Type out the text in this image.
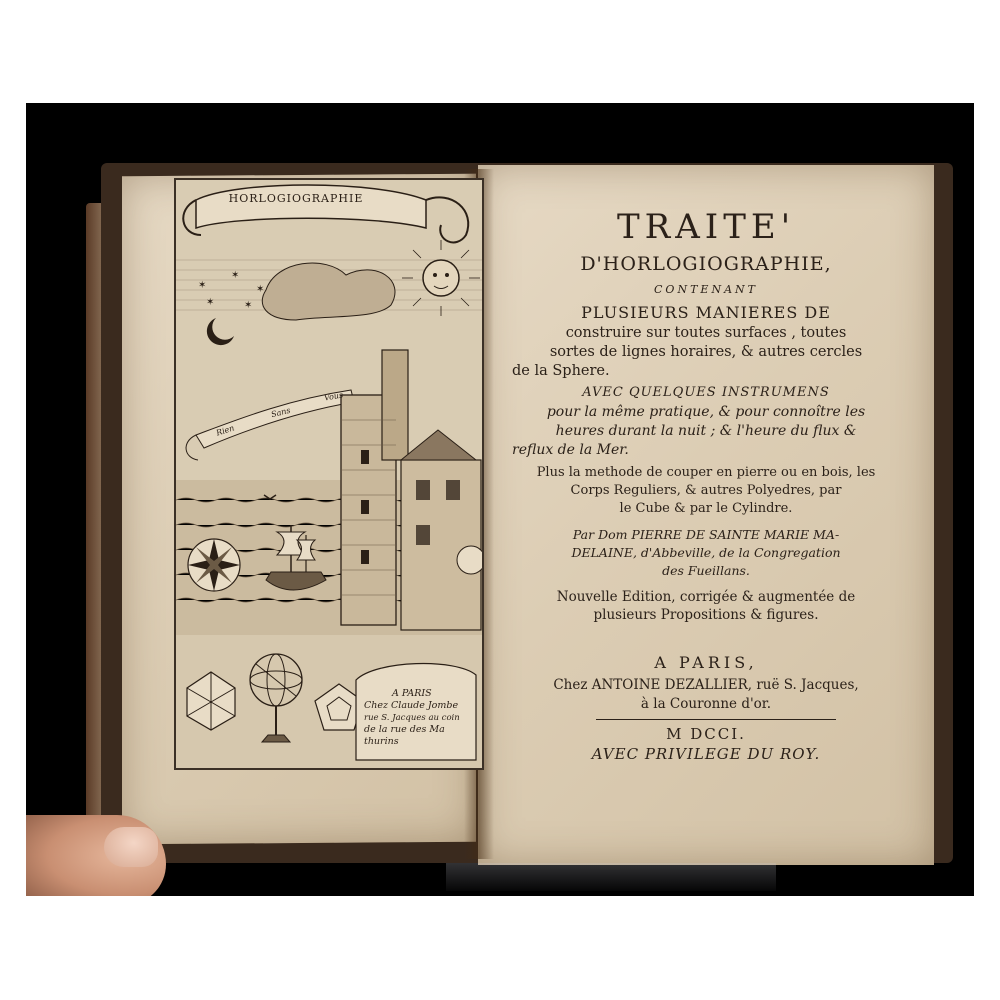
✶
✶
✶
✶	✶
HORLOGIOGRAPHIE
Rien
Sans
Vous
A PARIS
Chez Claude Jombe
rue S. Jacques au coin
de la rue des Ma
thurins
TRAITE'
D'HORLOGIOGRAPHIE,
CONTENANT
PLUSIEURS MANIERES DE
construire sur toutes surfaces , toutes
sortes de lignes horaires, & autres cercles
de la Sphere.
AVEC QUELQUES INSTRUMENS
pour la même pratique, & pour connoître les
heures durant la nuit ; & l'heure du flux &
reflux de la Mer.
Plus la methode de couper en pierre ou en bois, les
Corps Reguliers, & autres Polyedres, par
le Cube & par le Cylindre.
Par Dom PIERRE DE SAINTE MARIE MA-
DELAINE, d'Abbeville, de la Congregation
des Fueillans.
Nouvelle Edition, corrigée & augmentée de
plusieurs Propositions & figures.
A PARIS,
Chez ANTOINE DEZALLIER, ruë S. Jacques,
à la Couronne d'or.
M DCCI.
AVEC PRIVILEGE DU ROY.
